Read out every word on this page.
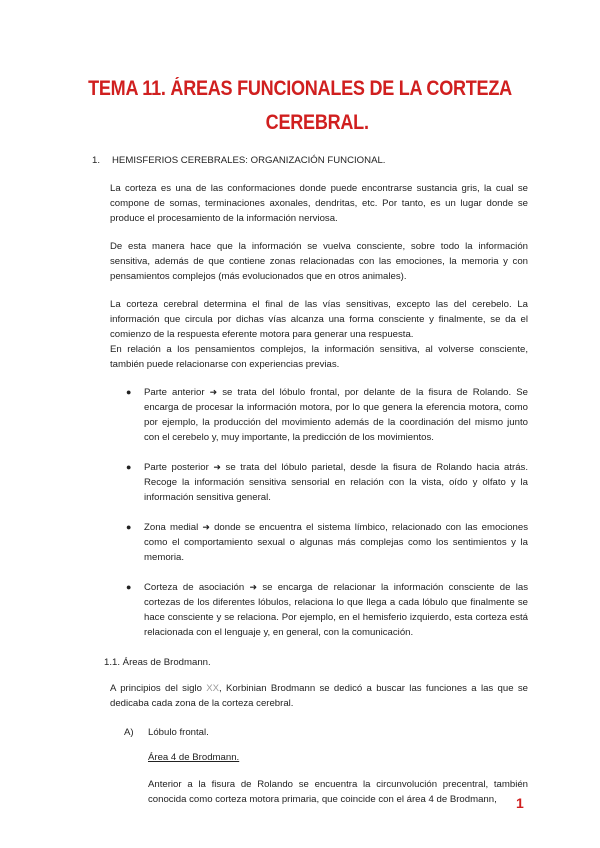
TEMA 11. ÁREAS FUNCIONALES DE LA CORTEZA
CEREBRAL.
1.	HEMISFERIOS CEREBRALES: ORGANIZACIÓN FUNCIONAL.

La corteza es una de las conformaciones donde puede encontrarse sustancia gris, la cual se compone de somas, terminaciones axonales, dendritas, etc. Por tanto, es un lugar donde se produce el procesamiento de la información nerviosa.

De esta manera hace que la información se vuelva consciente, sobre todo la información sensitiva, además de que contiene zonas relacionadas con las emociones, la memoria y con pensamientos complejos (más evolucionados que en otros animales).

La corteza cerebral determina el final de las vías sensitivas, excepto las del cerebelo. La información que circula por dichas vías alcanza una forma consciente y finalmente, se da el comienzo de la respuesta eferente motora para generar una respuesta.

En relación a los pensamientos complejos, la información sensitiva, al volverse consciente, también puede relacionarse con experiencias previas.

● Parte anterior ➜ se trata del lóbulo frontal, por delante de la fisura de Rolando. Se encarga de procesar la información motora, por lo que genera la eferencia motora, como por ejemplo, la producción del movimiento además de la coordinación del mismo junto con el cerebelo y, muy importante, la predicción de los movimientos.
● Parte posterior ➜ se trata del lóbulo parietal, desde la fisura de Rolando hacia atrás. Recoge la información sensitiva sensorial en relación con la vista, oído y olfato y la información sensitiva general.
● Zona medial ➜ donde se encuentra el sistema límbico, relacionado con las emociones como el comportamiento sexual o algunas más complejas como los sentimientos y la memoria.
● Corteza de asociación ➜ se encarga de relacionar la información consciente de las cortezas de los diferentes lóbulos, relaciona lo que llega a cada lóbulo que finalmente se hace consciente y se relaciona. Por ejemplo, en el hemisferio izquierdo, esta corteza está relacionada con el lenguaje y, en general, con la comunicación.
1.1. Áreas de Brodmann.

A principios del siglo XX, Korbinian Brodmann se dedicó a buscar las funciones a las que se dedicaba cada zona de la corteza cerebral.

A)	Lóbulo frontal.
Área 4 de Brodmann.

Anterior a la fisura de Rolando se encuentra la circunvolución precentral, también conocida como corteza motora primaria, que coincide con el área 4 de Brodmann,	1
